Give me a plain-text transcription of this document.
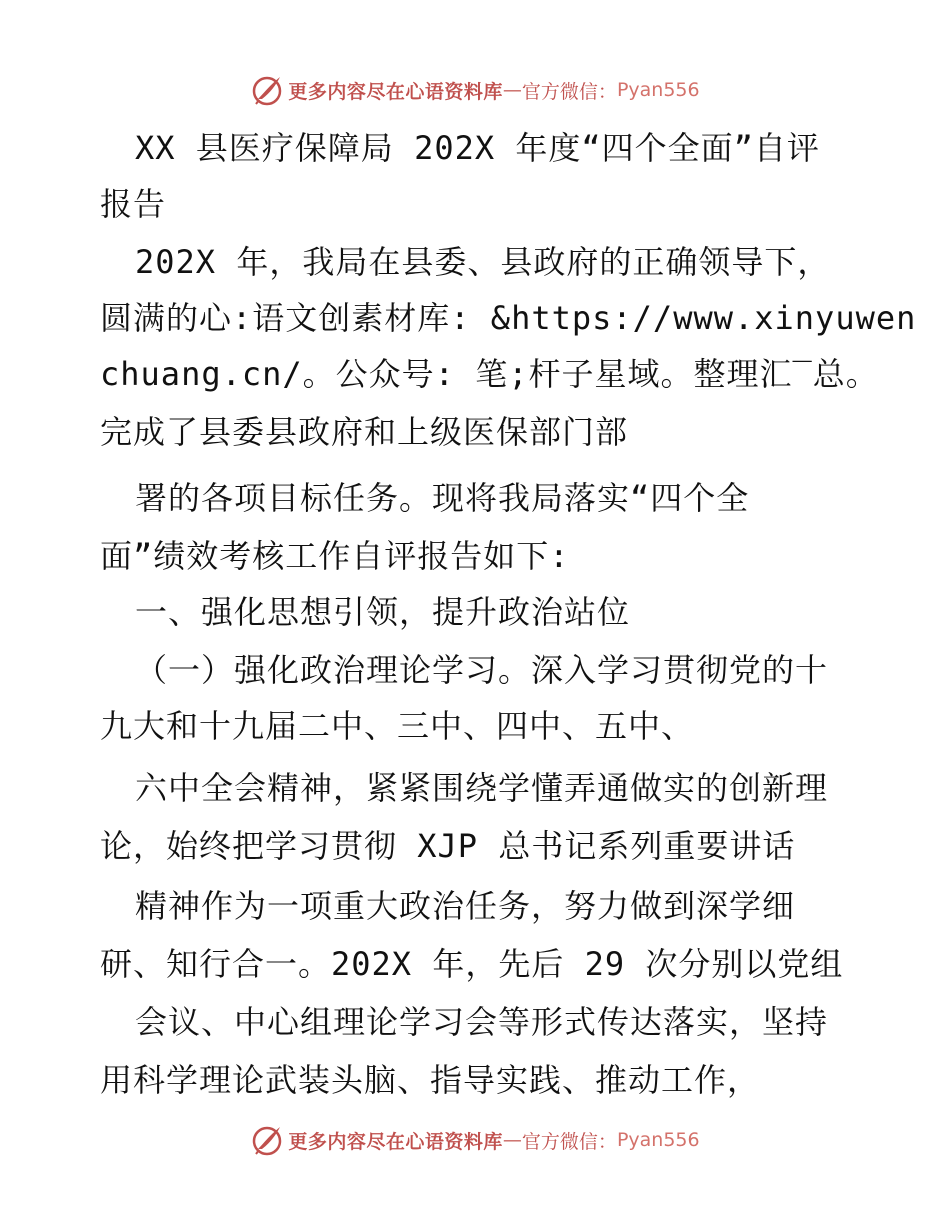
更多内容尽在心语资料库 — 官方微信： Pyan556
XX 县医疗保障局 202X 年度“四个全面”自评
报告
202X 年，我局在县委、县政府的正确领导下，
圆满的心:语文创素材库: &https://www.xinyuwen
chuang.cn/。公众号: 笔;杆子星域。整理汇‾总。
完成了县委县政府和上级医保部门部
署的各项目标任务。现将我局落实“四个全
面”绩效考核工作自评报告如下:
一、强化思想引领，提升政治站位
（一）强化政治理论学习。深入学习贯彻党的十
九大和十九届二中、三中、四中、五中、
六中全会精神，紧紧围绕学懂弄通做实的创新理
论，始终把学习贯彻 XJP 总书记系列重要讲话
精神作为一项重大政治任务，努力做到深学细
研、知行合一。202X 年，先后 29 次分别以党组
会议、中心组理论学习会等形式传达落实，坚持
用科学理论武装头脑、指导实践、推动工作，
更多内容尽在心语资料库 — 官方微信： Pyan556
